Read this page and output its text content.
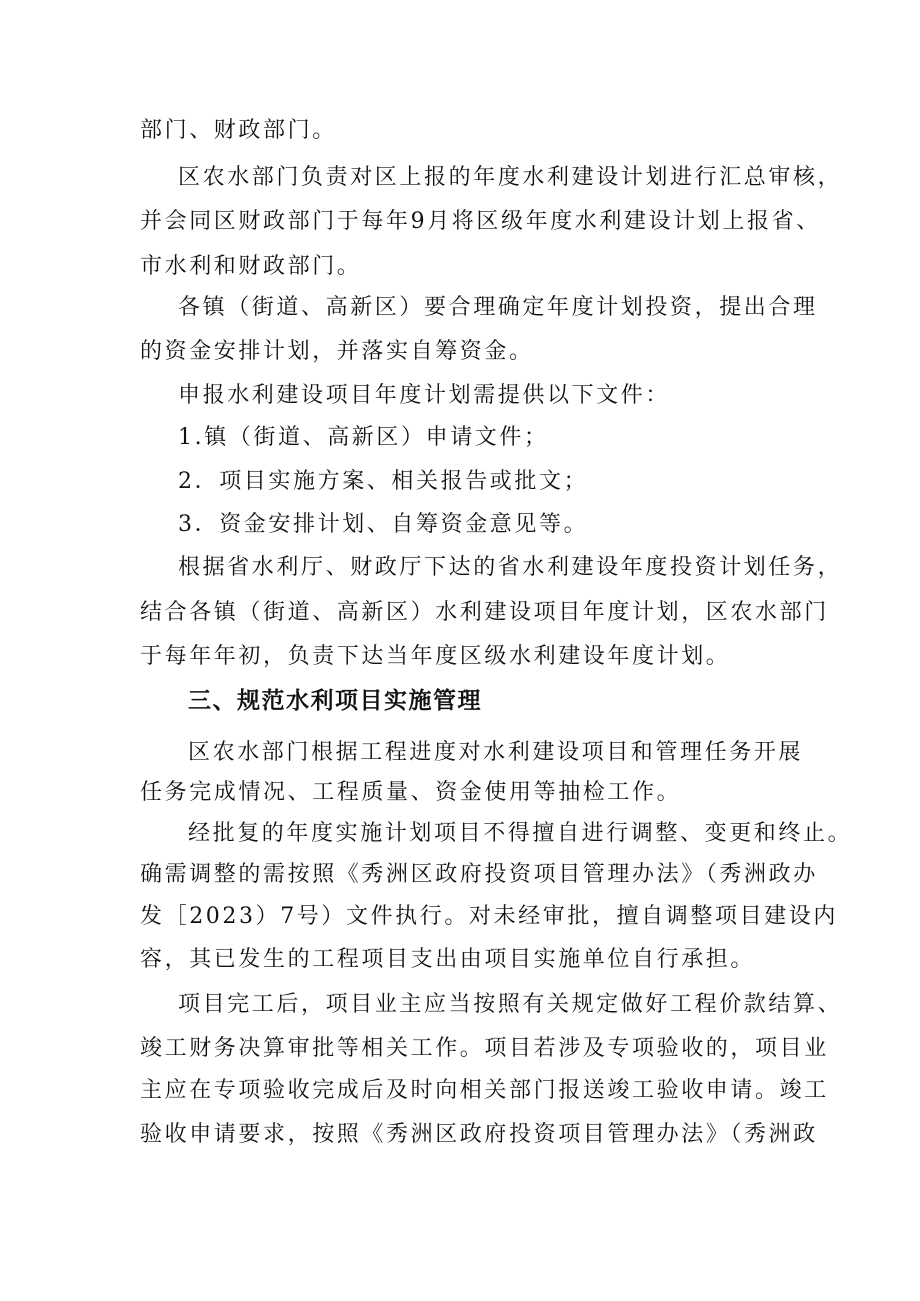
部门、财政部门。
区农水部门负责对区上报的年度水利建设计划进行汇总审核，
并会同区财政部门于每年9月将区级年度水利建设计划上报省、
市水利和财政部门。
各镇（街道、高新区）要合理确定年度计划投资，提出合理
的资金安排计划，并落实自筹资金。
申报水利建设项目年度计划需提供以下文件：
1.镇（街道、高新区）申请文件；
2．项目实施方案、相关报告或批文；
3．资金安排计划、自筹资金意见等。
根据省水利厅、财政厅下达的省水利建设年度投资计划任务，
结合各镇（街道、高新区）水利建设项目年度计划，区农水部门
于每年年初，负责下达当年度区级水利建设年度计划。
三、规范水利项目实施管理
区农水部门根据工程进度对水利建设项目和管理任务开展
任务完成情况、工程质量、资金使用等抽检工作。
经批复的年度实施计划项目不得擅自进行调整、变更和终止。
确需调整的需按照《秀洲区政府投资项目管理办法》（秀洲政办
发［2023）7号）文件执行。对未经审批，擅自调整项目建设内
容，其已发生的工程项目支出由项目实施单位自行承担。
项目完工后，项目业主应当按照有关规定做好工程价款结算、
竣工财务决算审批等相关工作。项目若涉及专项验收的，项目业
主应在专项验收完成后及时向相关部门报送竣工验收申请。竣工
验收申请要求，按照《秀洲区政府投资项目管理办法》（秀洲政
